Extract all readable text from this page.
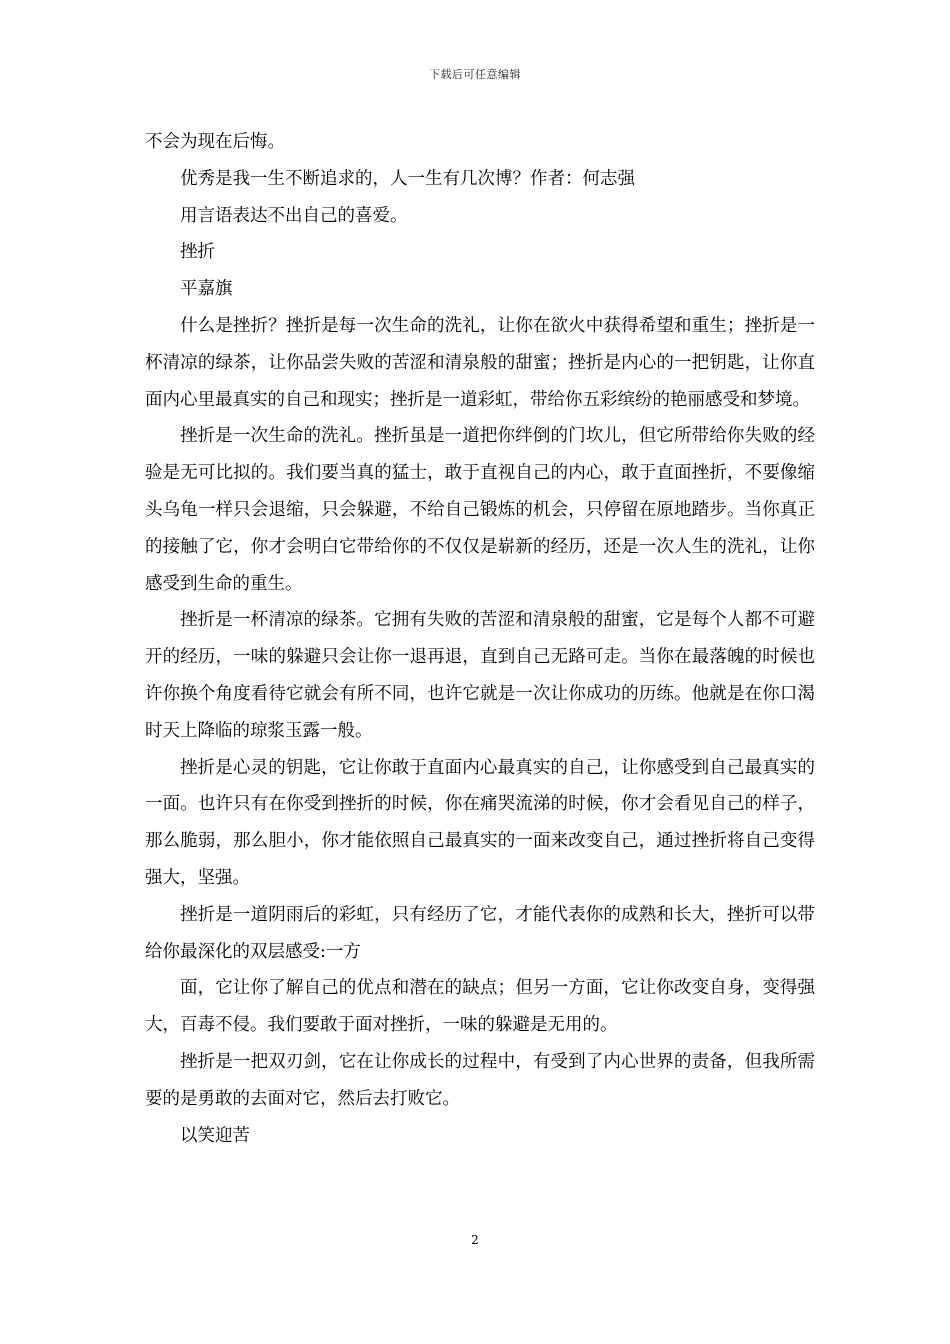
下载后可任意编辑

不会为现在后悔。

优秀是我一生不断追求的，人一生有几次博？作者：何志强

用言语表达不出自己的喜爱。

挫折

平嘉旗

什么是挫折？挫折是每一次生命的洗礼，让你在欲火中获得希望和重生；挫折是一杯清凉的绿茶，让你品尝失败的苦涩和清泉般的甜蜜；挫折是内心的一把钥匙，让你直面内心里最真实的自己和现实；挫折是一道彩虹，带给你五彩缤纷的艳丽感受和梦境。

挫折是一次生命的洗礼。挫折虽是一道把你绊倒的门坎儿，但它所带给你失败的经验是无可比拟的。我们要当真的猛士，敢于直视自己的内心，敢于直面挫折，不要像缩头乌龟一样只会退缩，只会躲避，不给自己锻炼的机会，只停留在原地踏步。当你真正的接触了它，你才会明白它带给你的不仅仅是崭新的经历，还是一次人生的洗礼，让你感受到生命的重生。

挫折是一杯清凉的绿茶。它拥有失败的苦涩和清泉般的甜蜜，它是每个人都不可避开的经历，一味的躲避只会让你一退再退，直到自己无路可走。当你在最落魄的时候也许你换个角度看待它就会有所不同，也许它就是一次让你成功的历练。他就是在你口渴时天上降临的琼浆玉露一般。

挫折是心灵的钥匙，它让你敢于直面内心最真实的自己，让你感受到自己最真实的一面。也许只有在你受到挫折的时候，你在痛哭流涕的时候，你才会看见自己的样子，那么脆弱，那么胆小，你才能依照自己最真实的一面来改变自己，通过挫折将自己变得强大，坚强。

挫折是一道阴雨后的彩虹，只有经历了它，才能代表你的成熟和长大，挫折可以带给你最深化的双层感受:一方

面，它让你了解自己的优点和潜在的缺点；但另一方面，它让你改变自身，变得强大，百毒不侵。我们要敢于面对挫折，一味的躲避是无用的。

挫折是一把双刃剑，它在让你成长的过程中，有受到了内心世界的责备，但我所需要的是勇敢的去面对它，然后去打败它。

以笑迎苦

2
